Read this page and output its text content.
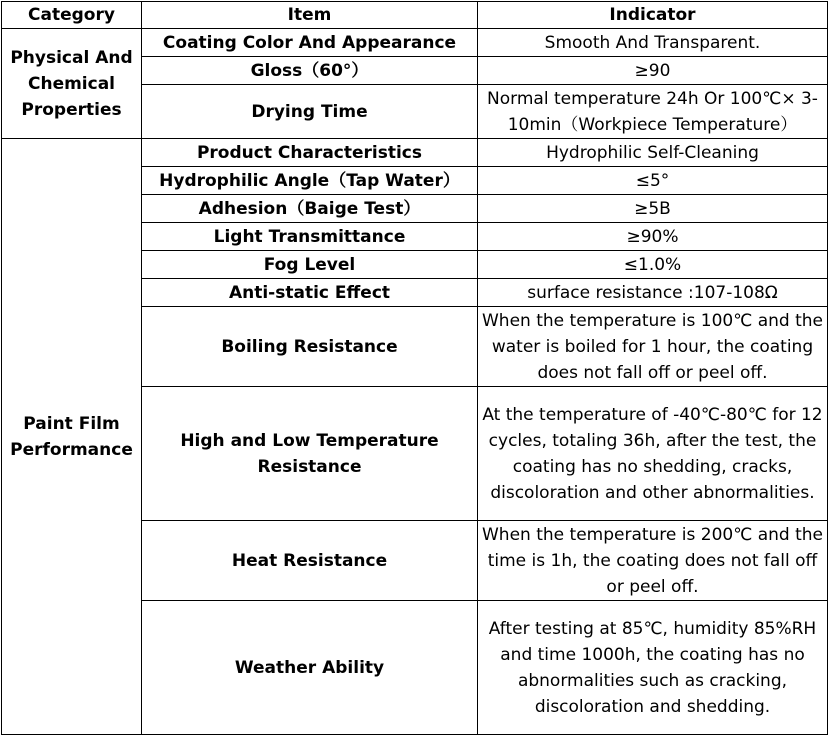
Category	Item	Indicator
Physical And Chemical Properties	Coating Color And Appearance	Smooth And Transparent.
	Gloss（60°）	≥90
	Drying Time	Normal temperature 24h Or 100℃× 3-10min（Workpiece Temperature）
Paint Film Performance	Product Characteristics	Hydrophilic Self-Cleaning
	Hydrophilic Angle（Tap Water）	≤5°
	Adhesion（Baige Test）	≥5B
	Light Transmittance	≥90%
	Fog Level	≤1.0%
	Anti-static Effect	surface resistance :107-108Ω
	Boiling Resistance	When the temperature is 100℃ and the water is boiled for 1 hour, the coating does not fall off or peel off.
	High and Low Temperature Resistance	At the temperature of -40℃-80℃ for 12 cycles, totaling 36h, after the test, the coating has no shedding, cracks, discoloration and other abnormalities.
	Heat Resistance	When the temperature is 200℃ and the time is 1h, the coating does not fall off or peel off.
	Weather Ability	After testing at 85℃, humidity 85%RH and time 1000h, the coating has no abnormalities such as cracking, discoloration and shedding.
